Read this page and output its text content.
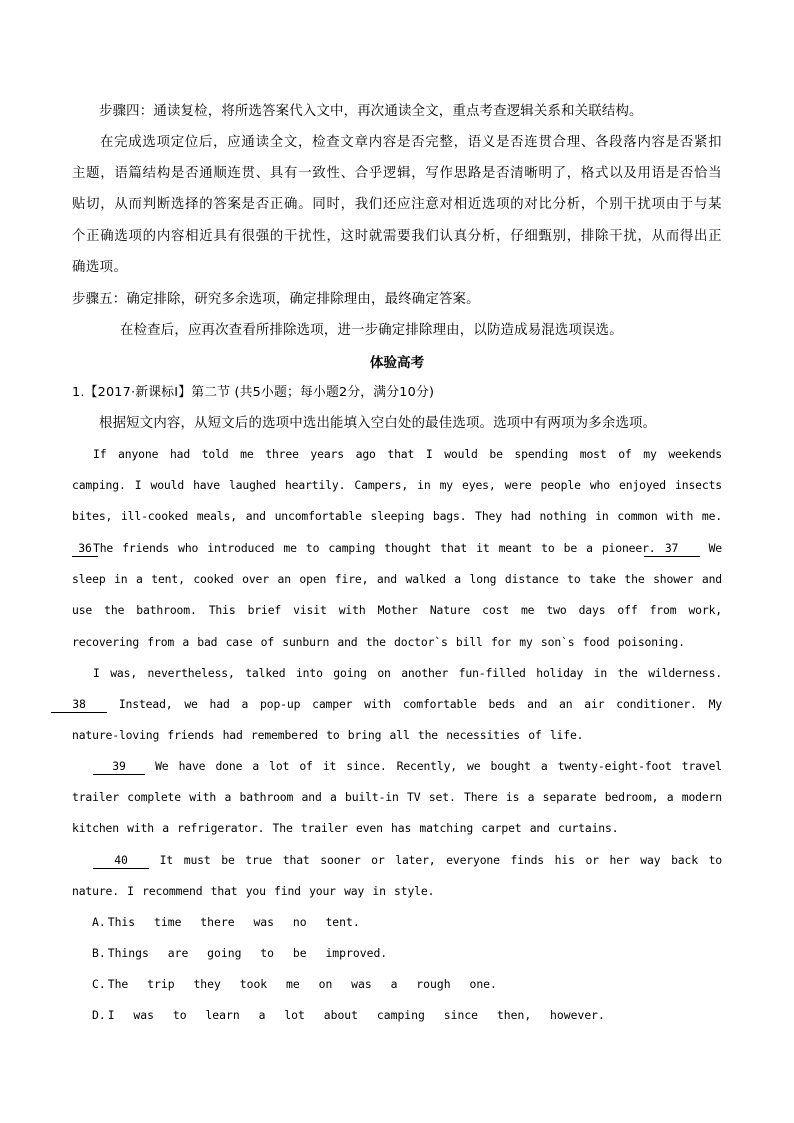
步骤四：通读复检，将所选答案代入文中，再次通读全文，重点考查逻辑关系和关联结构。
在完成选项定位后，应通读全文，检查文章内容是否完整，语义是否连贯合理、各段落内容是否紧扣主题，语篇结构是否通顺连贯、具有一致性、合乎逻辑，写作思路是否清晰明了，格式以及用语是否恰当贴切，从而判断选择的答案是否正确。同时，我们还应注意对相近选项的对比分析，个别干扰项由于与某个正确选项的内容相近具有很强的干扰性，这时就需要我们认真分析，仔细甄别，排除干扰，从而得出正确选项。
步骤五：确定排除，研究多余选项，确定排除理由，最终确定答案。
在检查后，应再次查看所排除选项，进一步确定排除理由，以防造成易混选项误选。
体验高考
1.【2017·新课标Ⅰ】第二节 (共5小题；每小题2分，满分10分)
根据短文内容，从短文后的选项中选出能填入空白处的最佳选项。选项中有两项为多余选项。
If anyone had told me three years ago that I would be spending most of my weekends camping. I would have laughed heartily. Campers, in my eyes, were people who enjoyed insects bites, ill-cooked meals, and uncomfortable sleeping bags. They had nothing in common with me. 36 The friends who introduced me to camping thought that it meant to be a pioneer. 37	We sleep in a tent, cooked over an open fire, and walked a long distance to take the shower and use the bathroom. This brief visit with Mother Nature cost me two days off from work, recovering from a bad case of sunburn and the doctor`s bill for my son`s food poisoning.
I was, nevertheless, talked into going on another fun-filled holiday in the wilderness. 38	Instead, we had a pop-up camper with comfortable beds and an air conditioner. My nature-loving friends had remembered to bring all the necessities of life.
39	We have done a lot of it since. Recently, we bought a twenty-eight-foot travel trailer complete with a bathroom and a built-in TV set. There is a separate bedroom, a modern kitchen with a refrigerator. The trailer even has matching carpet and curtains.
40	It must be true that sooner or later, everyone finds his or her way back to nature. I recommend that you find your way in style.
A. This time there was no tent.
B. Things are going to be improved.
C. The trip they took me on was a rough one.
D. I was to learn a lot about camping since then, however.
